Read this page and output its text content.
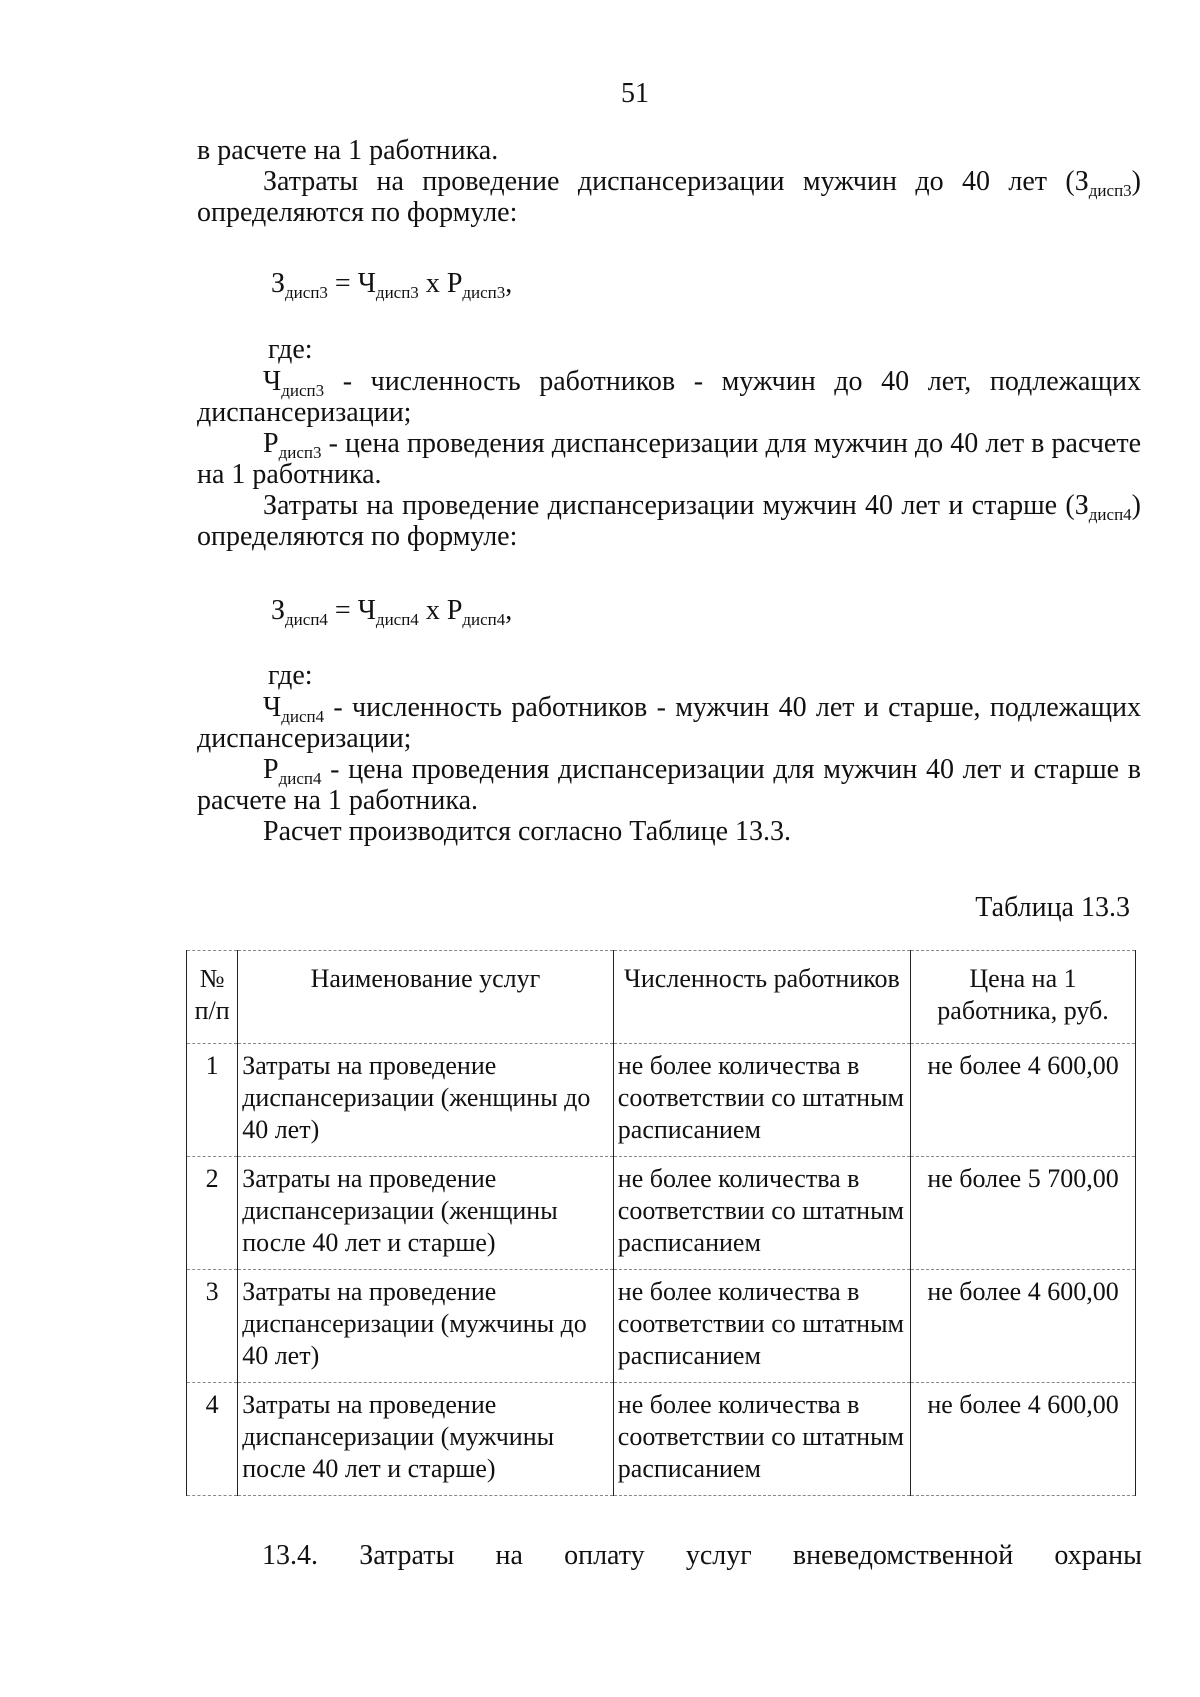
51

в расчете на 1 работника.

Затраты на проведение диспансеризации мужчин до 40 лет $(З_{дисп3})$ определяются по формуле:

$З_{дисп3} = Ч_{дисп3}$ х $Р_{дисп3}$,
где:

$Ч_{дисп3}$ - численность работников - мужчин до 40 лет, подлежащих диспансеризации;

$Р_{дисп3}$ - цена проведения диспансеризации для мужчин до 40 лет в расчете на 1 работника.

Затраты на проведение диспансеризации мужчин 40 лет и старше $(З_{дисп4})$ определяются по формуле:

$З_{дисп4} = Ч_{дисп4}$ х $Р_{дисп4}$,
где:

$Ч_{дисп4}$ - численность работников - мужчин 40 лет и старше, подлежащих диспансеризации;

$Р_{дисп4}$ - цена проведения диспансеризации для мужчин 40 лет и старше в расчете на 1 работника.

Расчет производится согласно Таблице 13.3.

Таблица 13.3
№ п/п	Наименование услуг	Численность работников	Цена на 1 работника, руб.
1	Затраты на проведение диспансеризации (женщины до 40 лет)	не более количества в соответствии со штатным расписанием	не более 4 600,00
2	Затраты на проведение диспансеризации (женщины после 40 лет и старше)	не более количества в соответствии со штатным расписанием	не более 5 700,00
3	Затраты на проведение диспансеризации (мужчины до 40 лет)	не более количества в соответствии со штатным расписанием	не более 4 600,00
4	Затраты на проведение диспансеризации (мужчины после 40 лет и старше)	не более количества в соответствии со штатным расписанием	не более 4 600,00
13.4. Затраты на оплату услуг вневедомственной охраны
